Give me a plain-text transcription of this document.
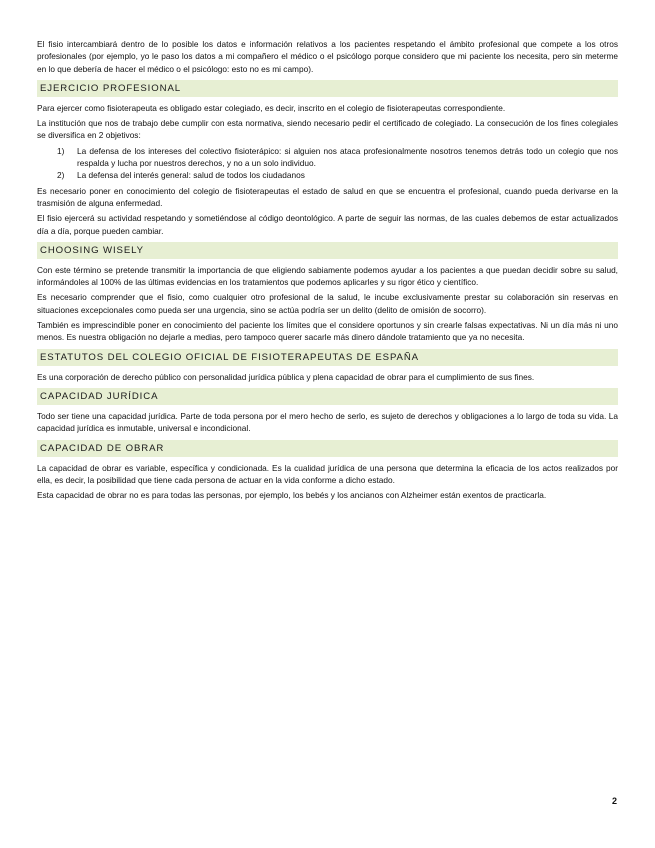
El fisio intercambiará dentro de lo posible los datos e información relativos a los pacientes respetando el ámbito profesional que compete a los otros profesionales (por ejemplo, yo le paso los datos a mi compañero el médico o el psicólogo porque considero que mi paciente los necesita, pero sin meterme en lo que debería de hacer el médico o el psicólogo: esto no es mi campo).

EJERCICIO PROFESIONAL

Para ejercer como fisioterapeuta es obligado estar colegiado, es decir, inscrito en el colegio de fisioterapeutas correspondiente.

La institución que nos de trabajo debe cumplir con esta normativa, siendo necesario pedir el certificado de colegiado. La consecución de los fines colegiales se diversifica en 2 objetivos:

1) La defensa de los intereses del colectivo fisioterápico: si alguien nos ataca profesionalmente nosotros tenemos detrás todo un colegio que nos respalda y lucha por nuestros derechos, y no a un solo individuo.
2) La defensa del interés general: salud de todos los ciudadanos

Es necesario poner en conocimiento del colegio de fisioterapeutas el estado de salud en que se encuentra el profesional, cuando pueda derivarse en la trasmisión de alguna enfermedad.

El fisio ejercerá su actividad respetando y sometiéndose al código deontológico. A parte de seguir las normas, de las cuales debemos de estar actualizados día a día, porque pueden cambiar.

CHOOSING WISELY

Con este término se pretende transmitir la importancia de que eligiendo sabiamente podemos ayudar a los pacientes a que puedan decidir sobre su salud, informándoles al 100% de las últimas evidencias en los tratamientos que podemos aplicarles y su rigor ético y científico.

Es necesario comprender que el fisio, como cualquier otro profesional de la salud, le incube exclusivamente prestar su colaboración sin reservas en situaciones excepcionales como pueda ser una urgencia, sino se actúa podría ser un delito (delito de omisión de socorro).

También es imprescindible poner en conocimiento del paciente los límites que el considere oportunos y sin crearle falsas expectativas. Ni un día más ni uno menos. Es nuestra obligación no dejarle a medias, pero tampoco querer sacarle más dinero dándole tratamiento que ya no necesita.

ESTATUTOS DEL COLEGIO OFICIAL DE FISIOTERAPEUTAS DE ESPAÑA

Es una corporación de derecho público con personalidad jurídica pública y plena capacidad de obrar para el cumplimiento de sus fines.

CAPACIDAD JURÍDICA

Todo ser tiene una capacidad jurídica. Parte de toda persona por el mero hecho de serlo, es sujeto de derechos y obligaciones a lo largo de toda su vida. La capacidad jurídica es inmutable, universal e incondicional.

CAPACIDAD DE OBRAR

La capacidad de obrar es variable, específica y condicionada. Es la cualidad jurídica de una persona que determina la eficacia de los actos realizados por ella, es decir, la posibilidad que tiene cada persona de actuar en la vida conforme a dicho estado.

Esta capacidad de obrar no es para todas las personas, por ejemplo, los bebés y los ancianos con Alzheimer están exentos de practicarla.

2
